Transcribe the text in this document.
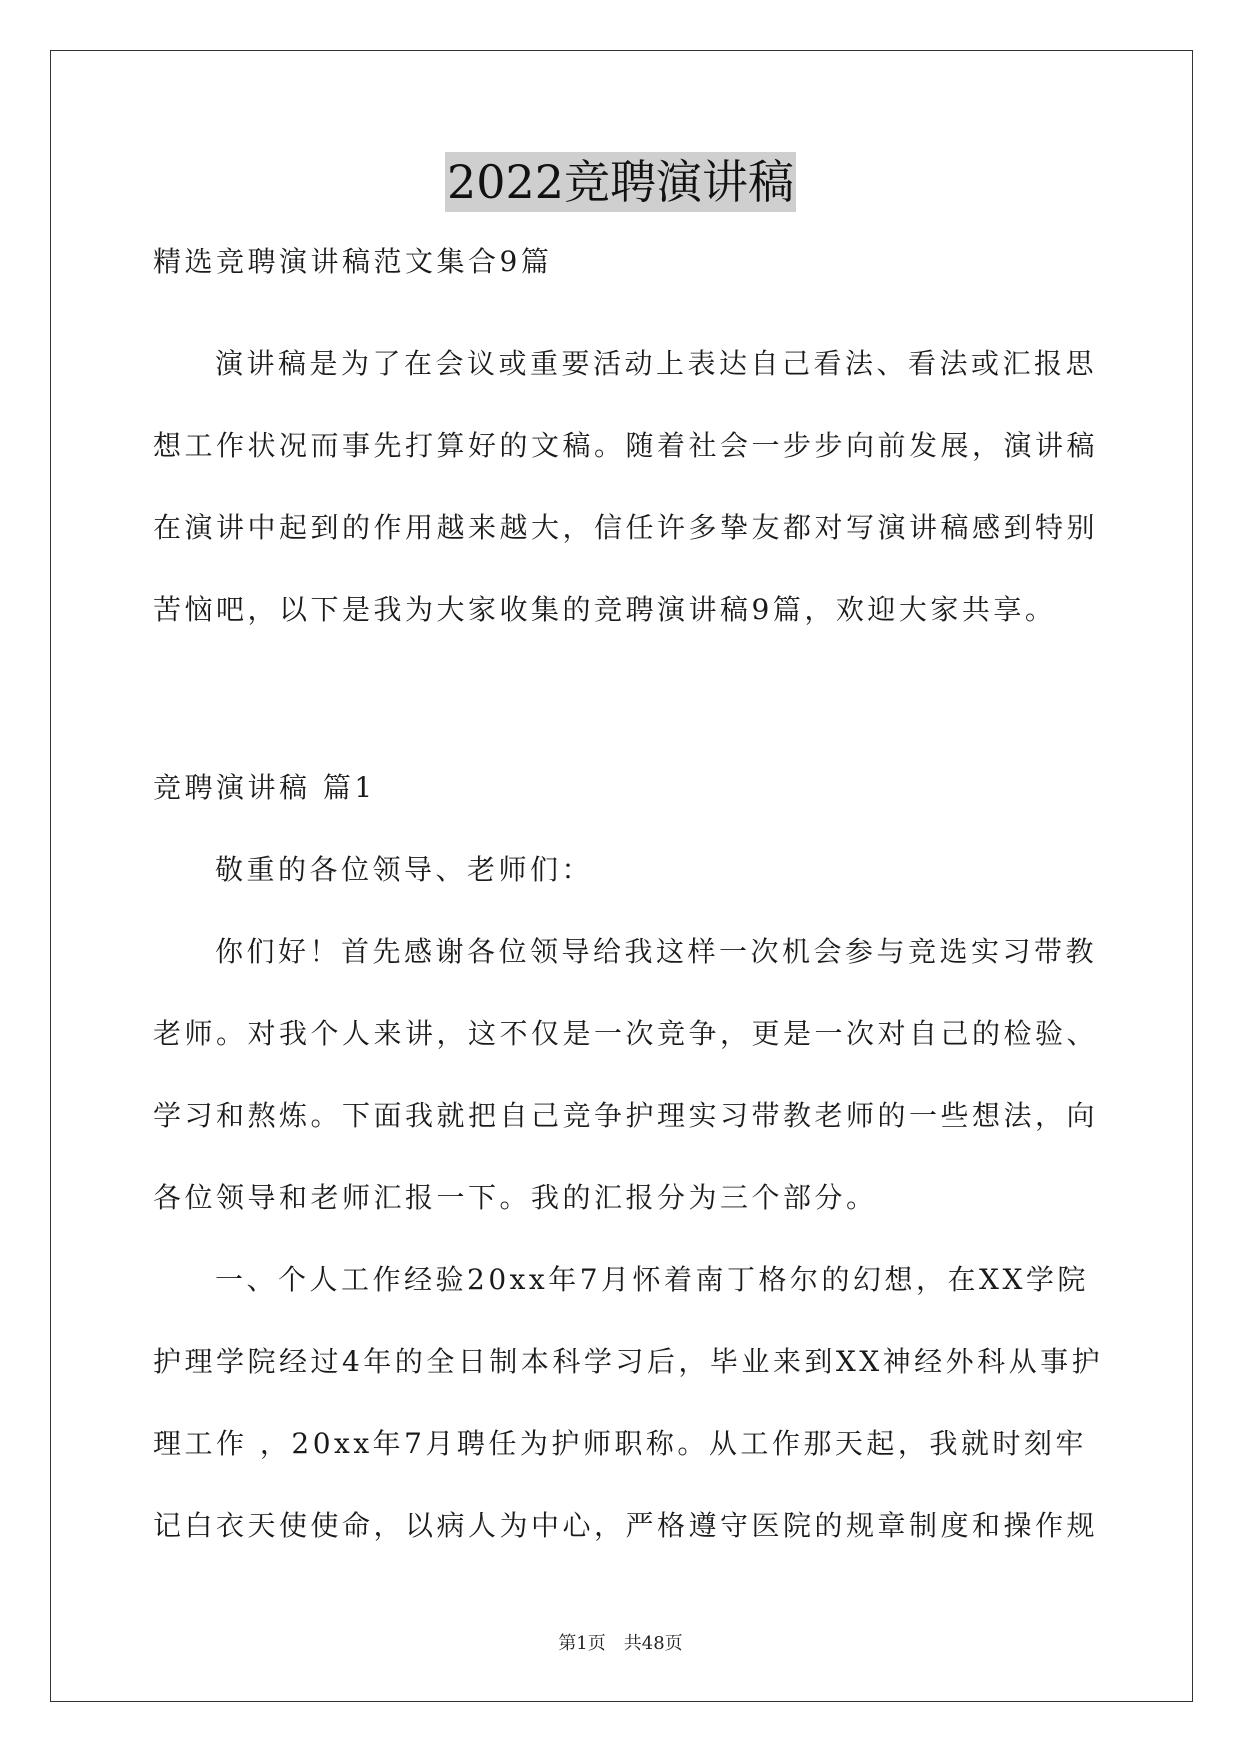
2022竞聘演讲稿
精选竞聘演讲稿范文集合9篇
演讲稿是为了在会议或重要活动上表达自己看法、看法或汇报思
想工作状况而事先打算好的文稿。随着社会一步步向前发展，演讲稿
在演讲中起到的作用越来越大，信任许多挚友都对写演讲稿感到特别
苦恼吧，以下是我为大家收集的竞聘演讲稿9篇，欢迎大家共享。
竞聘演讲稿 篇1
敬重的各位领导、老师们：
你们好！首先感谢各位领导给我这样一次机会参与竞选实习带教
老师。对我个人来讲，这不仅是一次竞争，更是一次对自己的检验、
学习和熬炼。下面我就把自己竞争护理实习带教老师的一些想法，向
各位领导和老师汇报一下。我的汇报分为三个部分。
一、个人工作经验20xx年7月怀着南丁格尔的幻想，在XX学院
护理学院经过4年的全日制本科学习后，毕业来到XX神经外科从事护
理工作 ，20xx年7月聘任为护师职称。从工作那天起，我就时刻牢
记白衣天使使命，以病人为中心，严格遵守医院的规章制度和操作规
第1页 共48页
